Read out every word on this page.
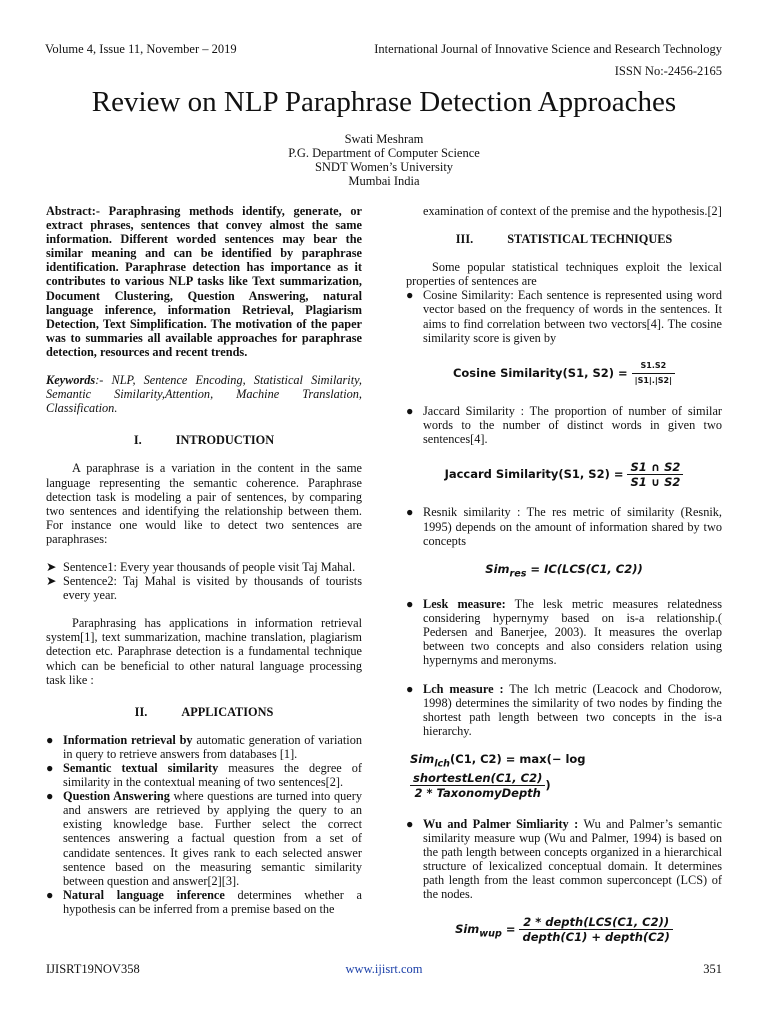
Volume 4, Issue 11, November – 2019	International Journal of Innovative Science and Research Technology
ISSN No:-2456-2165
Review on NLP Paraphrase Detection Approaches
Swati Meshram
P.G. Department of Computer Science
SNDT Women’s University
Mumbai India

Abstract:- Paraphrasing methods identify, generate, or extract phrases, sentences that convey almost the same information. Different worded sentences may bear the similar meaning and can be identified by paraphrase identification. Paraphrase detection has importance as it contributes to various NLP tasks like Text summarization, Document Clustering, Question Answering, natural language inference, information Retrieval, Plagiarism Detection, Text Simplification. The motivation of the paper was to summaries all available approaches for paraphrase detection, resources and recent trends.

Keywords:- NLP, Sentence Encoding, Statistical Similarity, Semantic Similarity,Attention, Machine Translation, Classification.

I.	INTRODUCTION

A paraphrase is a variation in the content in the same language representing the semantic coherence. Paraphrase detection task is modeling a pair of sentences, by comparing two sentences and identifying the relationship between them. For instance one would like to detect two sentences are paraphrases:

➤ Sentence1: Every year thousands of people visit Taj Mahal.
➤ Sentence2: Taj Mahal is visited by thousands of tourists every year.

Paraphrasing has applications in information retrieval system[1], text summarization, machine translation, plagiarism detection etc. Paraphrase detection is a fundamental technique which can be beneficial to other natural language processing task like :

II.	APPLICATIONS
● Information retrieval by automatic generation of variation in query to retrieve answers from databases [1].
● Semantic textual similarity measures the degree of similarity in the contextual meaning of two sentences[2].
● Question Answering where questions are turned into query and answers are retrieved by applying the query to an existing knowledge base. Further select the correct sentences answering a factual question from a set of candidate sentences. It gives rank to each selected answer sentence based on the measuring semantic similarity between question and answer[2][3].
● Natural language inference determines whether a hypothesis can be inferred from a premise based on the

examination of context of the premise and the hypothesis.[2]

III.	STATISTICAL TECHNIQUES

Some popular statistical techniques exploit the lexical properties of sentences are

● Cosine Similarity: Each sentence is represented using word vector based on the frequency of words in the sentences. It aims to find correlation between two vectors[4]. The cosine similarity score is given by
Cosine Similarity(S1, $S2) = \frac{S1.S2}{|S1|.|S2|}$
● Jaccard Similarity : The proportion of number of similar words to the number of distinct words in given two sentences[4].
Jaccard Similarity(S1, $S2) = \frac{S1 \cap S2}{S1 \cup S2}$
● Resnik similarity : The res metric of similarity (Resnik, 1995) depends on the amount of information shared by two concepts
Sim$_{res}$ = IC(LCS(C1, C2))
● Lesk measure: The lesk metric measures relatedness considering hypernymy based on is-a relationship.( Pedersen and Banerjee, 2003). It measures the overlap between two concepts and also considers relation using hypernyms and meronyms.
● Lch measure : The lch metric (Leacock and Chodorow, 1998) determines the similarity of two nodes by finding the shortest path length between two concepts in the is-a hierarchy.
Sim$_{lch}$(C1, C2) = max(− log
$\frac{\text{shortestLen(C1, C2)}}{\text{2 * TaxonomyDepth}}$ )
● Wu and Palmer Simliarity : Wu and Palmer’s semantic similarity measure wup (Wu and Palmer, 1994) is based on the path length between concepts organized in a hierarchical structure of lexicalized conceptual domain. It determines path length from the least common superconcept (LCS) of the nodes.
$Sim_{wup} = \frac{\text{2 * depth(LCS(C1, C2))}}{\text{depth(C1) + depth(C2)}}$
IJISRT19NOV358	www.ijisrt.com	351
